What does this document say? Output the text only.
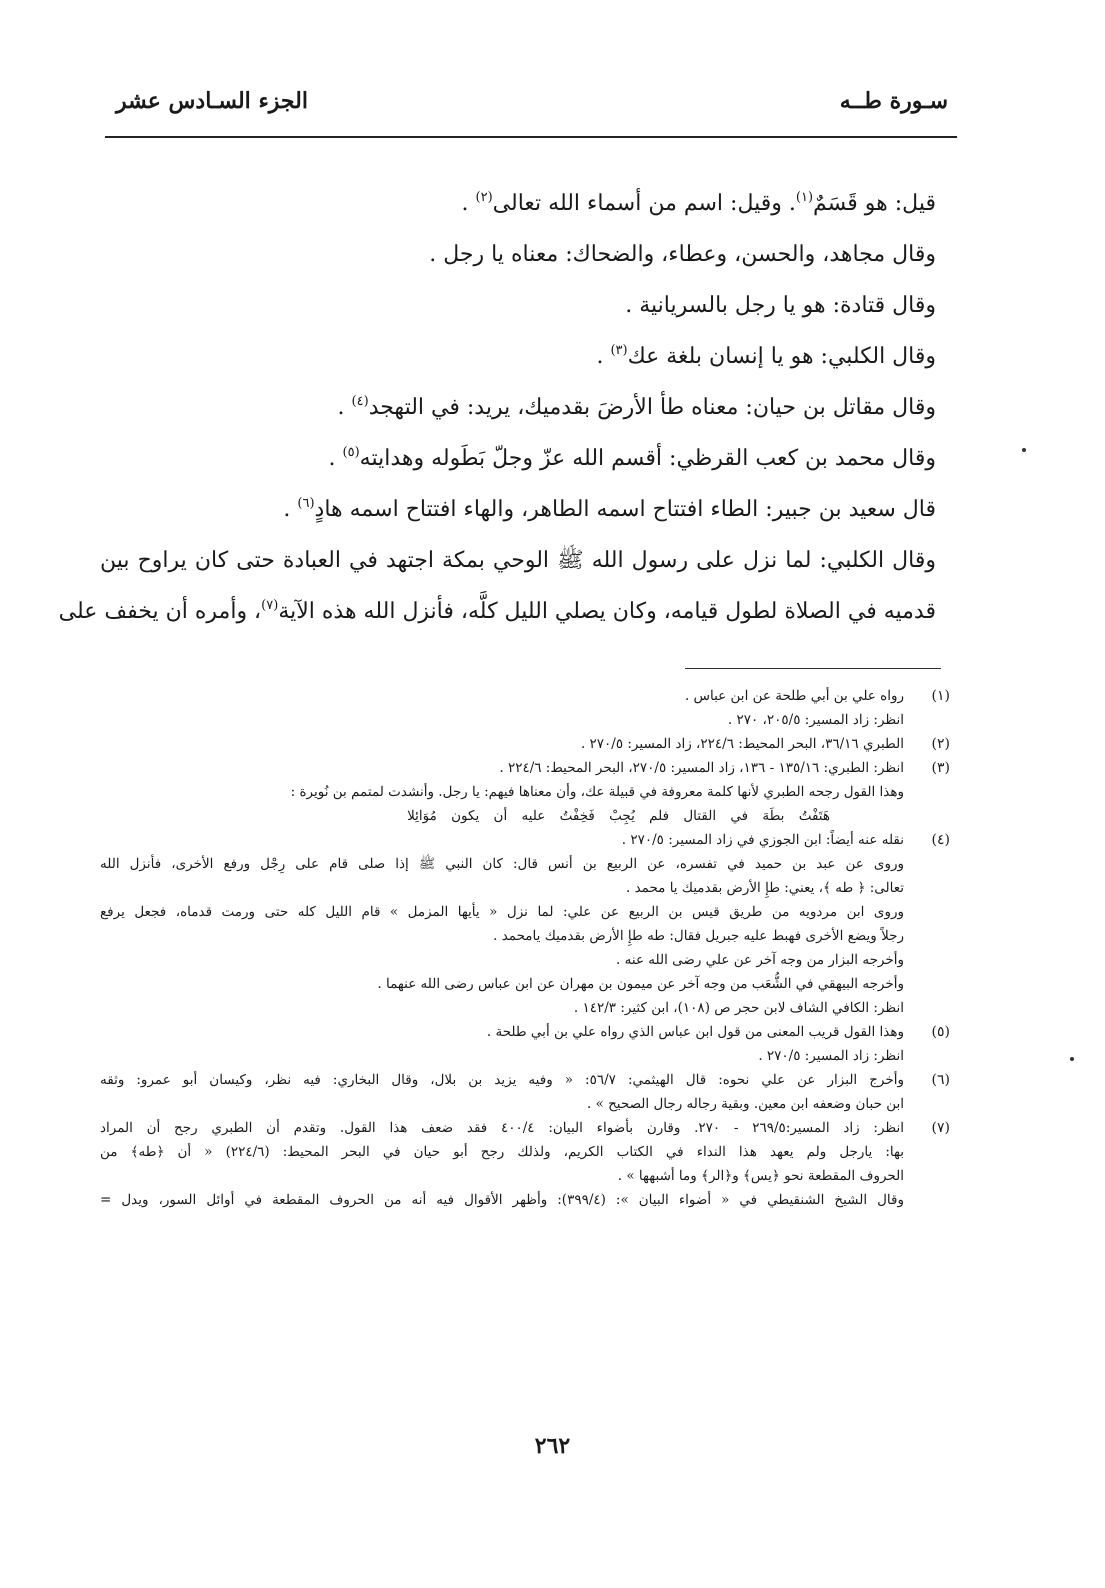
سـورة طــه
الجزء السـادس عشر

قيل: هو قَسَمٌ$^{(١)}$. وقيل: اسم من أسماء الله تعالى$^{(٢)}$ .

وقال مجاهد، والحسن، وعطاء، والضحاك: معناه يا رجل .

وقال قتادة: هو يا رجل بالسريانية .

وقال الكلبي: هو يا إنسان بلغة عك$^{(٣)}$ .

وقال مقاتل بن حيان: معناه طأ الأرضَ بقدميك، يريد: في التهجد$^{(٤)}$ .

وقال محمد بن كعب القرظي: أقسم الله عزّ وجلّ بَطَوله وهدايته$^{(٥)}$ .

قال سعيد بن جبير: الطاء افتتاح اسمه الطاهر، والهاء افتتاح اسمه هادٍ$^{(٦)}$ .

وقال الكلبي: لما نزل على رسول الله ﷺ الوحي بمكة اجتهد في العبادة حتى كان يراوح بين

قدميه في الصلاة لطول قيامه، وكان يصلي الليل كلَّه، فأنزل الله هذه الآية$^{(٧)}$، وأمره أن يخفف على

(١)
رواه علي بن أبي طلحة عن ابن عباس .
انظر: زاد المسير: ٢٠٥/٥، ٢٧٠ .
(٢)
الطبري ٣٦/١٦، البحر المحيط: ٢٢٤/٦، زاد المسير: ٢٧٠/٥ .
(٣)
انظر: الطبري: ١٣٥/١٦ - ١٣٦، زاد المسير: ٢٧٠/٥، البحر المحيط: ٢٢٤/٦ .
وهذا القول رجحه الطبري لأنها كلمة معروفة في قبيلة عك، وأن معناها فيهم: يا رجل. وأنشدت لمتمم بن نُويرة :
هَتَفْتُ بطَهَ في القتال فلم يُجِبْ فَخِفْتُ عليه أن يكون مُوَائِلا
(٤)
نقله عنه أيضاً: ابن الجوزي في زاد المسير: ٢٧٠/٥ .
وروى عن عبد بن حميد في تفسره، عن الربيع بن أنس قال: كان النبي ﷺ إذا صلى قام على رِجْل ورفع الأخرى، فأنزل الله
تعالى: ﴿ طه ﴾، يعني: طإِ الأرض بقدميك يا محمد .
وروى ابن مردويه من طريق قيس بن الربيع عن علي: لما نزل « يأيها المزمل » قام الليل كله حتى ورمت قدماه، فجعل يرفع
رجلاً ويضع الأخرى فهبط عليه جبريل فقال: طه طإِ الأرض بقدميك يامحمد .
وأخرجه البزار من وجه آخر عن علي رضى الله عنه .
وأخرجه البيهقي في الشُّعَب من وجه آخر عن ميمون بن مهران عن ابن عباس رضى الله عنهما .
انظر: الكافي الشاف لابن حجر ص (١٠٨)، ابن كثير: ١٤٢/٣ .
(٥)
وهذا القول قريب المعنى من قول ابن عباس الذي رواه علي بن أبي طلحة .
انظر: زاد المسير: ٢٧٠/٥ .
(٦)
وأخرج البزار عن علي نحوه: قال الهيثمي: ٥٦/٧: « وفيه يزيد بن بلال، وقال البخاري: فيه نظر، وكيسان أبو عمرو: وثقه
ابن حبان وضعفه ابن معين. وبقية رجاله رجال الصحيح » .
(٧)
انظر: زاد المسير:٢٦٩/٥ - ٢٧٠. وقارن بأضواء البيان: ٤٠٠/٤ فقد ضعف هذا القول. وتقدم أن الطبري رجح أن المراد
بها: يارجل ولم يعهد هذا النداء في الكتاب الكريم، ولذلك رجح أبو حيان في البحر المحيط: (٢٢٤/٦) « أن ﴿طه﴾ من
الحروف المقطعة نحو ﴿يس﴾ و﴿الر﴾ وما أشبهها » .
وقال الشيخ الشنقيطي في « أضواء البيان »: (٣٩٩/٤): وأظهر الأقوال فيه أنه من الحروف المقطعة في أوائل السور، ويدل =
٢٦٢
